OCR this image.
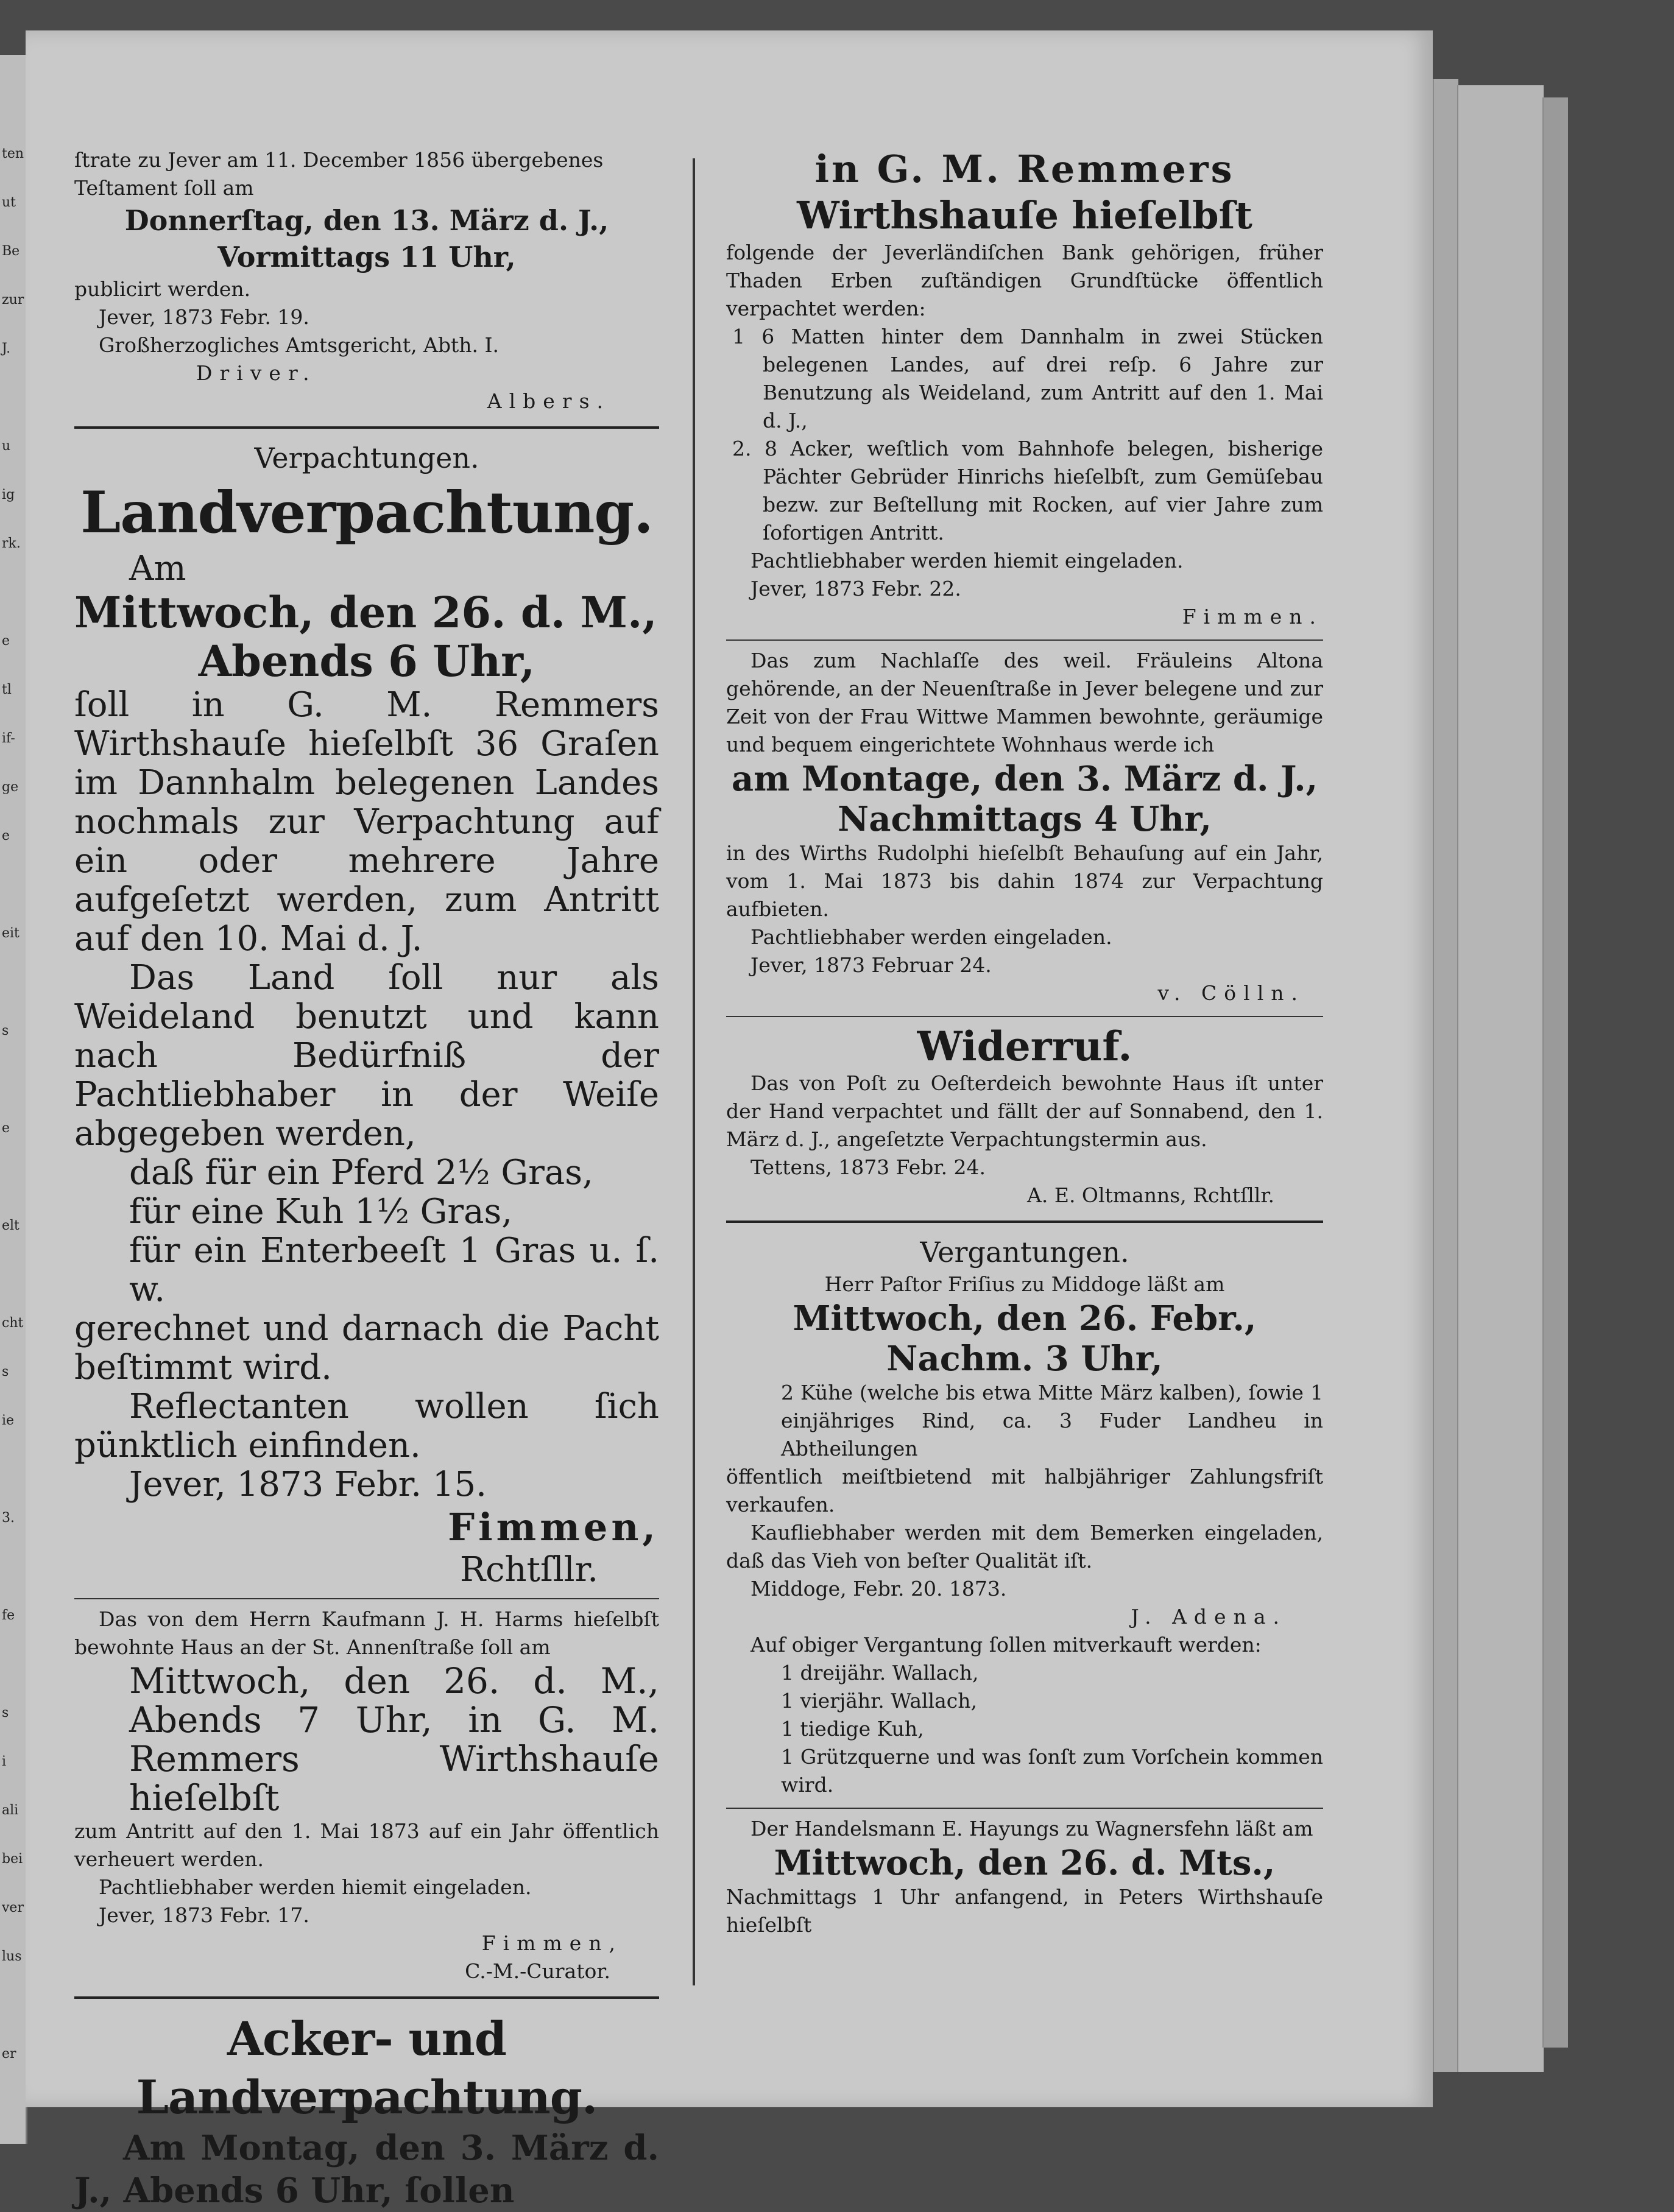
ten
ut
Be
zur
J.
u
ig
rk.
e
tl
if-
ge
e
eit
s
e
elt
cht
s
ie
3.
fe
s
i
ali
bei
ver
lus
er

ſtrate zu Jever am 11. December 1856 übergebenes

Teſtament ſoll am

Donnerſtag, den 13. März d. J.,

Vormittags 11 Uhr,

publicirt werden.

Jever, 1873 Febr. 19.

Großherzogliches Amtsgericht, Abth. I.

Driver.

Albers.

Verpachtungen.

Landverpachtung.

Am

Mittwoch, den 26. d. M.,

Abends 6 Uhr,

ſoll in G. M. Remmers Wirthshauſe hieſelbſt 36 Graſen im Dannhalm belegenen Landes nochmals zur Verpachtung auf ein oder mehrere Jahre aufgeſetzt werden, zum Antritt auf den 10. Mai d. J.

Das Land ſoll nur als Weideland benutzt und kann nach Bedürfniß der Pachtliebhaber in der Weiſe abgegeben werden,

daß für ein Pferd 2½ Gras,

für eine Kuh 1½ Gras,

für ein Enterbeeſt 1 Gras u. ſ. w.

gerechnet und darnach die Pacht beſtimmt wird.

Reflectanten wollen ſich pünktlich einfinden.

Jever, 1873 Febr. 15.

Fimmen,

Rchtſllr.

Das von dem Herrn Kaufmann J. H. Harms hieſelbſt bewohnte Haus an der St. Annenſtraße ſoll am

Mittwoch, den 26. d. M., Abends 7 Uhr, in G. M. Remmers Wirthshauſe hieſelbſt

zum Antritt auf den 1. Mai 1873 auf ein Jahr öffentlich verheuert werden.

Pachtliebhaber werden hiemit eingeladen.

Jever, 1873 Febr. 17.

Fimmen,

C.-M.-Curator.

Acker- und Landverpachtung.

Am Montag, den 3. März d. J., Abends 6 Uhr, ſollen

in G. M. Remmers

Wirthshauſe hieſelbſt

folgende der Jeverländiſchen Bank gehörigen, früher Thaden Erben zuſtändigen Grundſtücke öffentlich verpachtet werden:

1 6 Matten hinter dem Dannhalm in zwei Stücken belegenen Landes, auf drei reſp. 6 Jahre zur Benutzung als Weideland, zum Antritt auf den 1. Mai d. J.,

2. 8 Acker, weſtlich vom Bahnhofe belegen, bisherige Pächter Gebrüder Hinrichs hieſelbſt, zum Gemüſebau bezw. zur Beſtellung mit Rocken, auf vier Jahre zum ſofortigen Antritt.

Pachtliebhaber werden hiemit eingeladen.

Jever, 1873 Febr. 22.

Fimmen.

Das zum Nachlaſſe des weil. Fräuleins Altona gehörende, an der Neuenſtraße in Jever belegene und zur Zeit von der Frau Wittwe Mammen bewohnte, geräumige und bequem eingerichtete Wohnhaus werde ich

am Montage, den 3. März d. J.,

Nachmittags 4 Uhr,

in des Wirths Rudolphi hieſelbſt Behauſung auf ein Jahr, vom 1. Mai 1873 bis dahin 1874 zur Verpachtung aufbieten.

Pachtliebhaber werden eingeladen.

Jever, 1873 Februar 24.

v. Cölln.

Widerruf.

Das von Poſt zu Oeſterdeich bewohnte Haus iſt unter der Hand verpachtet und fällt der auf Sonnabend, den 1. März d. J., angeſetzte Verpachtungstermin aus.

Tettens, 1873 Febr. 24.

A. E. Oltmanns, Rchtſllr.

Vergantungen.

Herr Paſtor Friſius zu Middoge läßt am

Mittwoch, den 26. Febr.,

Nachm. 3 Uhr,

2 Kühe (welche bis etwa Mitte März kalben), ſowie 1 einjähriges Rind, ca. 3 Fuder Landheu in Abtheilungen

öffentlich meiſtbietend mit halbjähriger Zahlungsfriſt verkaufen.

Kaufliebhaber werden mit dem Bemerken eingeladen, daß das Vieh von beſter Qualität iſt.

Middoge, Febr. 20. 1873.

J. Adena.

Auf obiger Vergantung ſollen mitverkauft werden:

1 dreijähr. Wallach,

1 vierjähr. Wallach,

1 tiedige Kuh,

1 Grützquerne und was ſonſt zum Vorſchein kommen wird.

Der Handelsmann E. Hayungs zu Wagnersfehn läßt am

Mittwoch, den 26. d. Mts.,

Nachmittags 1 Uhr anfangend, in Peters Wirthshauſe hieſelbſt
